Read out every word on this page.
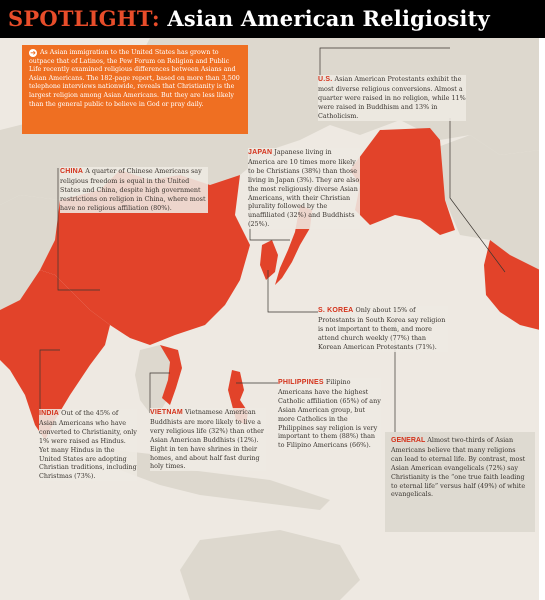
SPOTLIGHT: Asian American Religiosity
➜ As Asian immigration to the United States has grown to outpace that of Latinos, the Pew Forum on Religion and Public Life recently examined religious differences between Asians and Asian Americans. The 182-page report, based on more than 3,500 telephone interviews nationwide, reveals that Christianity is the largest religion among Asian Americans. But they are less likely than the general public to believe in God or pray daily.
U.S. Asian American Protestants exhibit the most diverse religious conversions. Almost a quarter were raised in no religion, while 11% were raised in Buddhism and 13% in Catholicism.
CHINA A quarter of Chinese Americans say religious freedom is equal in the United States and China, despite high government restrictions on religion in China, where most have no religious affiliation (80%).
JAPAN Japanese living in America are 10 times more likely to be Christians (38%) than those living in Japan (3%). They are also the most religiously diverse Asian Americans, with their Christian plurality followed by the unaffiliated (32%) and Buddhists (25%).
S. KOREA Only about 15% of Protestants in South Korea say religion is not important to them, and more attend church weekly (77%) than Korean American Protestants (71%).
PHILIPPINES Filipino Americans have the highest Catholic affiliation (65%) of any Asian American group, but more Catholics in the Philippines say religion is very important to them (88%) than to Filipino Americans (66%).
VIETNAM Vietnamese American Buddhists are more likely to live a very religious life (32%) than other Asian American Buddhists (12%). Eight in ten have shrines in their homes, and about half fast during holy times.
INDIA Out of the 45% of Asian Americans who have converted to Christianity, only 1% were raised as Hindus. Yet many Hindus in the United States are adopting Christian traditions, including Christmas (73%).
GENERAL Almost two-thirds of Asian Americans believe that many religions can lead to eternal life. By contrast, most Asian American evangelicals (72%) say Christianity is the “one true faith leading to eternal life” versus half (49%) of white evangelicals.
